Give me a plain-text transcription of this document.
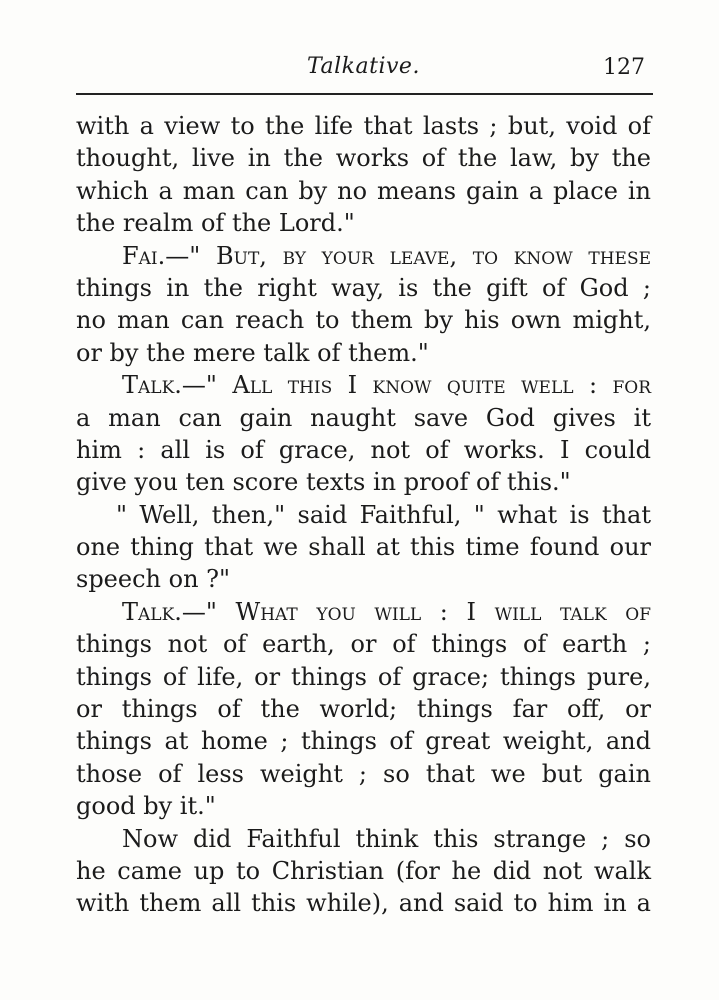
Talkative.	127
with a view to the life that lasts ; but, void of
thought, live in the works of the law, by the
which a man can by no means gain a place in
the realm of the Lord."
Fai.—" But, by your leave, to know these
things in the right way, is the gift of God ;
no man can reach to them by his own might,
or by the mere talk of them."
Talk.—" All this I know quite well : for
a man can gain naught save God gives it
him : all is of grace, not of works. I could
give you ten score texts in proof of this."
" Well, then," said Faithful, " what is that
one thing that we shall at this time found our
speech on ?"
Talk.—" What you will : I will talk of
things not of earth, or of things of earth ;
things of life, or things of grace; things pure,
or things of the world; things far off, or
things at home ; things of great weight, and
those of less weight ; so that we but gain
good by it."
Now did Faithful think this strange ; so
he came up to Christian (for he did not walk
with them all this while), and said to him in a
